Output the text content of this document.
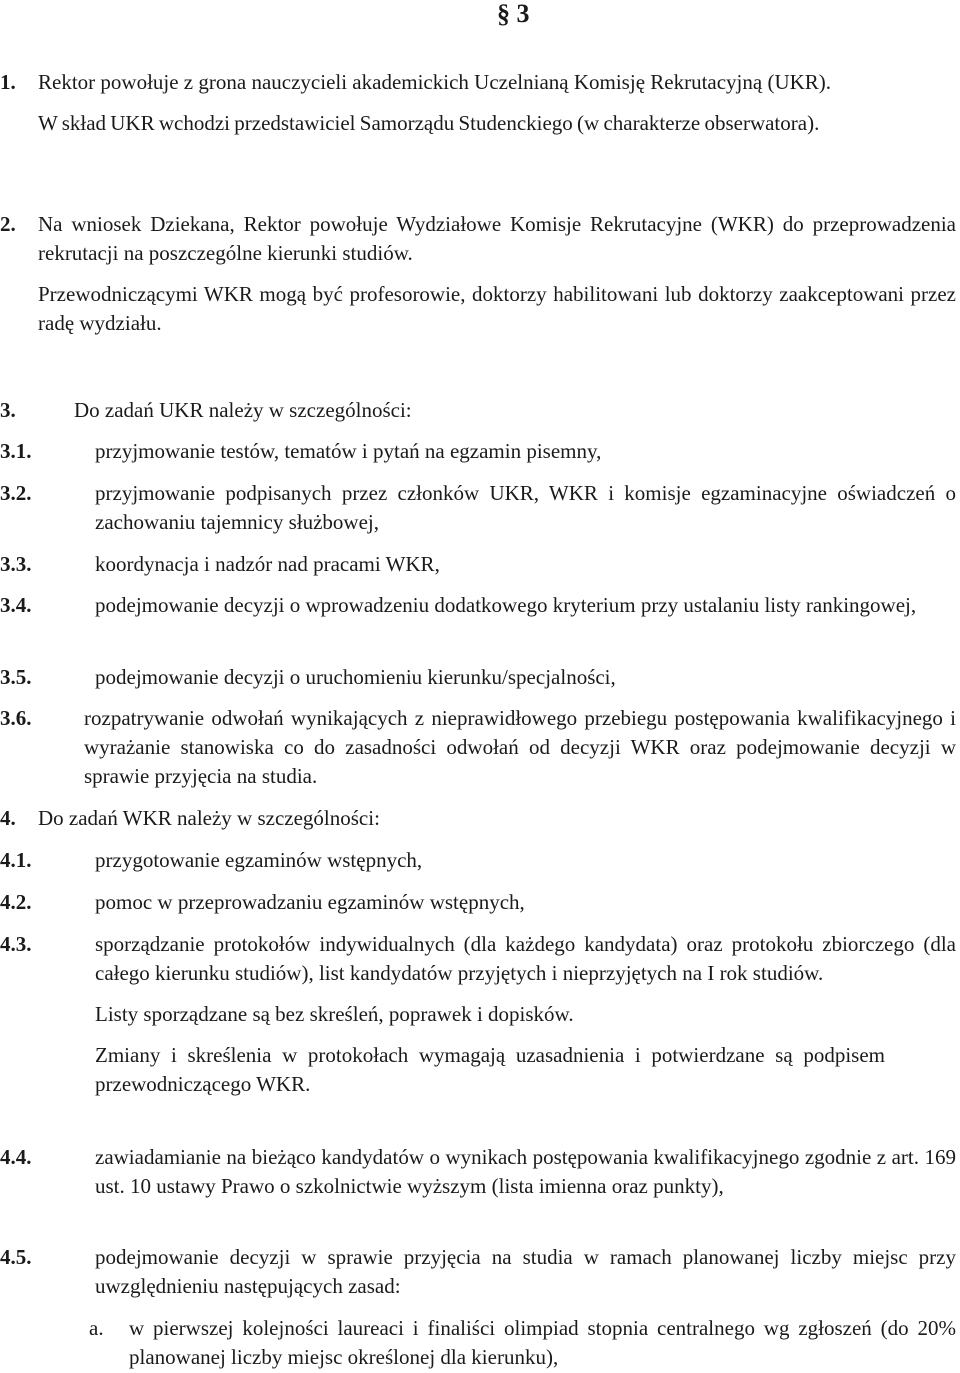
§ 3
1. Rektor powołuje z grona nauczycieli akademickich Uczelnianą Komisję Rekrutacyjną (UKR).
W skład UKR wchodzi przedstawiciel Samorządu Studenckiego (w charakterze obserwatora).
2. Na wniosek Dziekana, Rektor powołuje Wydziałowe Komisje Rekrutacyjne (WKR) do przeprowadzenia rekrutacji na poszczególne kierunki studiów.
Przewodniczącymi WKR mogą być profesorowie, doktorzy habilitowani lub doktorzy zaakceptowani przez radę wydziału.
3.	Do zadań UKR należy w szczególności:
3.1.	przyjmowanie testów, tematów i pytań na egzamin pisemny,
3.2.	przyjmowanie podpisanych przez członków UKR, WKR i komisje egzaminacyjne oświadczeń o zachowaniu tajemnicy służbowej,
3.3.	koordynacja i nadzór nad pracami WKR,
3.4.	podejmowanie decyzji o wprowadzeniu dodatkowego kryterium przy ustalaniu listy rankingowej,
3.5.	podejmowanie decyzji o uruchomieniu kierunku/specjalności,
3.6.	rozpatrywanie odwołań wynikających z nieprawidłowego przebiegu postępowania kwalifikacyjnego i wyrażanie stanowiska co do zasadności odwołań od decyzji WKR oraz podejmowanie decyzji w sprawie przyjęcia na studia.
4. Do zadań WKR należy w szczególności:
4.1.	przygotowanie egzaminów wstępnych,
4.2.	pomoc w przeprowadzaniu egzaminów wstępnych,
4.3.	sporządzanie protokołów indywidualnych (dla każdego kandydata) oraz protokołu zbiorczego (dla całego kierunku studiów), list kandydatów przyjętych i nieprzyjętych na I rok studiów.
Listy sporządzane są bez skreśleń, poprawek i dopisków.
Zmiany i skreślenia w protokołach wymagają uzasadnienia i potwierdzane są podpisem przewodniczącego WKR.
4.4.	zawiadamianie na bieżąco kandydatów o wynikach postępowania kwalifikacyjnego zgodnie z art. 169 ust. 10 ustawy Prawo o szkolnictwie wyższym (lista imienna oraz punkty),
4.5.	podejmowanie decyzji w sprawie przyjęcia na studia w ramach planowanej liczby miejsc przy uwzględnieniu następujących zasad:
a. w pierwszej kolejności laureaci i finaliści olimpiad stopnia centralnego wg zgłoszeń (do 20% planowanej liczby miejsc określonej dla kierunku),
